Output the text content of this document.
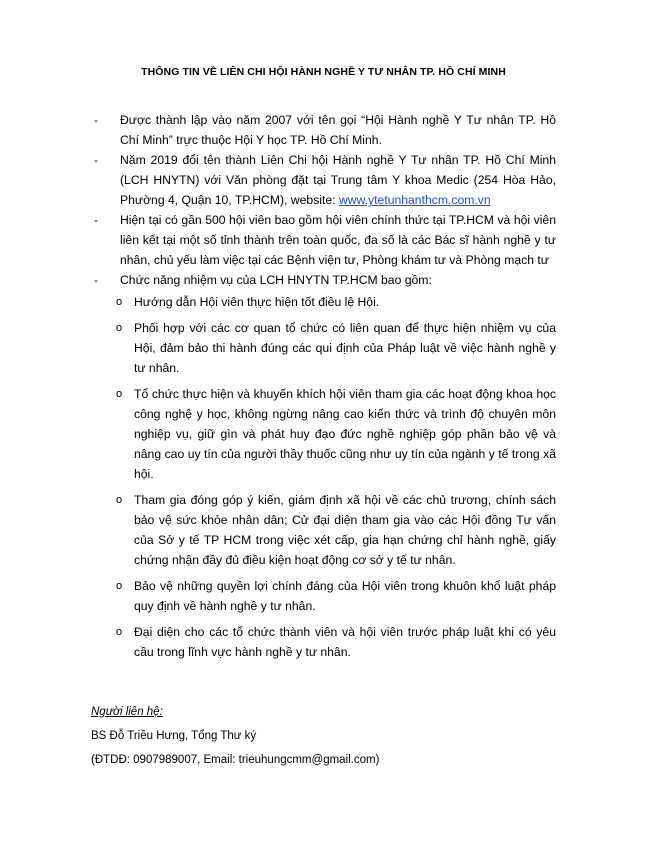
THÔNG TIN VỀ LIÊN CHI HỘI HÀNH NGHỀ Y TƯ NHÂN TP. HỒ CHÍ MINH
- Được thành lập vào năm 2007 với tên gọi “Hội Hành nghề Y Tư nhân TP. Hồ Chí Minh” trực thuộc Hội Y học TP. Hồ Chí Minh.
- Năm 2019 đổi tên thành Liên Chi hội Hành nghề Y Tư nhân TP. Hồ Chí Minh (LCH HNYTN) với Văn phòng đặt tại Trung tâm Y khoa Medic (254 Hòa Hảo, Phường 4, Quận 10, TP.HCM), website: www.ytetunhanthcm.com.vn
- Hiện tại có gần 500 hội viên bao gồm hội viên chính thức tại TP.HCM và hội viên liên kết tại một số tỉnh thành trên toàn quốc, đa số là các Bác sĩ hành nghề y tư nhân, chủ yếu làm việc tại các Bệnh viện tư, Phòng khám tư và Phòng mạch tư
- Chức năng nhiệm vụ của LCH HNYTN TP.HCM bao gồm:
o Hướng dẫn Hội viên thực hiện tốt điều lệ Hội.
o Phối hợp với các cơ quan tổ chức có liên quan để thực hiện nhiệm vụ của Hội, đảm bảo thi hành đúng các qui định của Pháp luật về việc hành nghề y tư nhân.
o Tổ chức thực hiện và khuyến khích hội viên tham gia các hoạt động khoa học công nghệ y học, không ngừng nâng cao kiến thức và trình độ chuyên môn nghiệp vụ, giữ gìn và phát huy đạo đức nghề nghiệp góp phần bảo vệ và nâng cao uy tín của người thầy thuốc cũng như uy tín của ngành y tế trong xã hội.
o Tham gia đóng góp ý kiến, giám định xã hội về các chủ trương, chính sách bảo vệ sức khỏe nhân dân; Cử đại diện tham gia vào các Hội đồng Tư vấn của Sở y tế TP HCM trong việc xét cấp, gia hạn chứng chỉ hành nghề, giấy chứng nhận đầy đủ điều kiện hoạt động cơ sở y tế tư nhân.
o Bảo vệ những quyền lợi chính đáng của Hội viên trong khuôn khổ luật pháp quy định về hành nghề y tư nhân.
o Đại diện cho các tổ chức thành viên và hội viên trước pháp luật khi có yêu cầu trong lĩnh vực hành nghề y tư nhân.
Người liên hệ:
BS Đỗ Triều Hưng, Tổng Thư ký
(ĐTDĐ: 0907989007, Email: trieuhungcmm@gmail.com)
